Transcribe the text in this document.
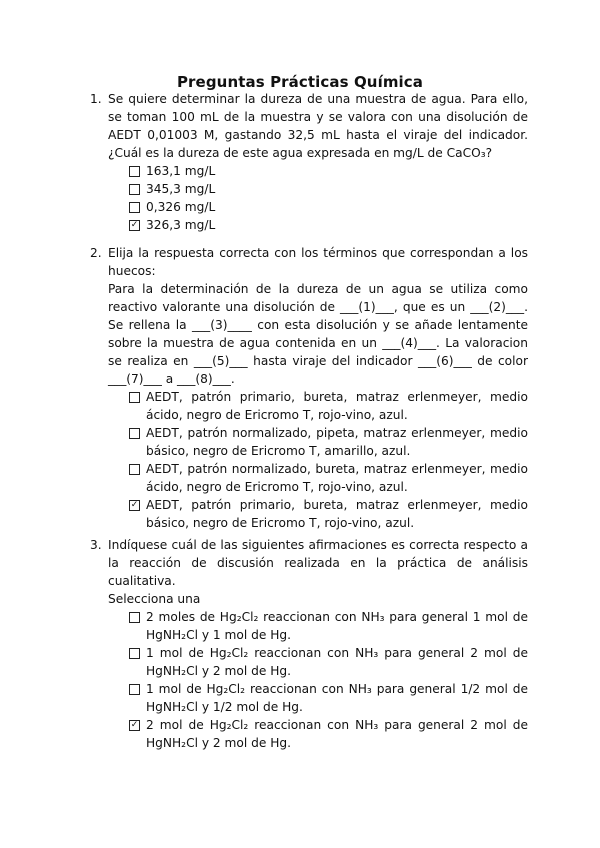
Preguntas Prácticas Química
1. Se quiere determinar la dureza de una muestra de agua. Para ello, se toman 100 mL de la muestra y se valora con una disolución de AEDT 0,01003 M, gastando 32,5 mL hasta el viraje del indicador. ¿Cuál es la dureza de este agua expresada en mg/L de CaCO₃?

163,1 mg/L
345,3 mg/L
0,326 mg/L
✓
326,3 mg/L
2. Elija la respuesta correcta con los términos que correspondan a los huecos:

Para la determinación de la dureza de un agua se utiliza como reactivo valorante una disolución de ___(1)___, que es un ___(2)___. Se rellena la ___(3)____ con esta disolución y se añade lentamente sobre la muestra de agua contenida en un ___(4)___. La valoracion se realiza en ___(5)___ hasta viraje del indicador ___(6)___ de color ___(7)___ a ___(8)___.

AEDT, patrón primario, bureta, matraz erlenmeyer, medio ácido, negro de Ericromo T, rojo-vino, azul.
AEDT, patrón normalizado, pipeta, matraz erlenmeyer, medio básico, negro de Ericromo T, amarillo, azul.
AEDT, patrón normalizado, bureta, matraz erlenmeyer, medio ácido, negro de Ericromo T, rojo-vino, azul.
✓
AEDT, patrón primario, bureta, matraz erlenmeyer, medio básico, negro de Ericromo T, rojo-vino, azul.
3. Indíquese cuál de las siguientes afirmaciones es correcta respecto a la reacción de discusión realizada en la práctica de análisis cualitativa.

Selecciona una

2 moles de Hg₂Cl₂ reaccionan con NH₃ para general 1 mol de HgNH₂Cl y 1 mol de Hg.
1 mol de Hg₂Cl₂ reaccionan con NH₃ para general 2 mol de HgNH₂Cl y 2 mol de Hg.
1 mol de Hg₂Cl₂ reaccionan con NH₃ para general 1/2 mol de HgNH₂Cl y 1/2 mol de Hg.
✓
2 mol de Hg₂Cl₂ reaccionan con NH₃ para general 2 mol de HgNH₂Cl y 2 mol de Hg.
